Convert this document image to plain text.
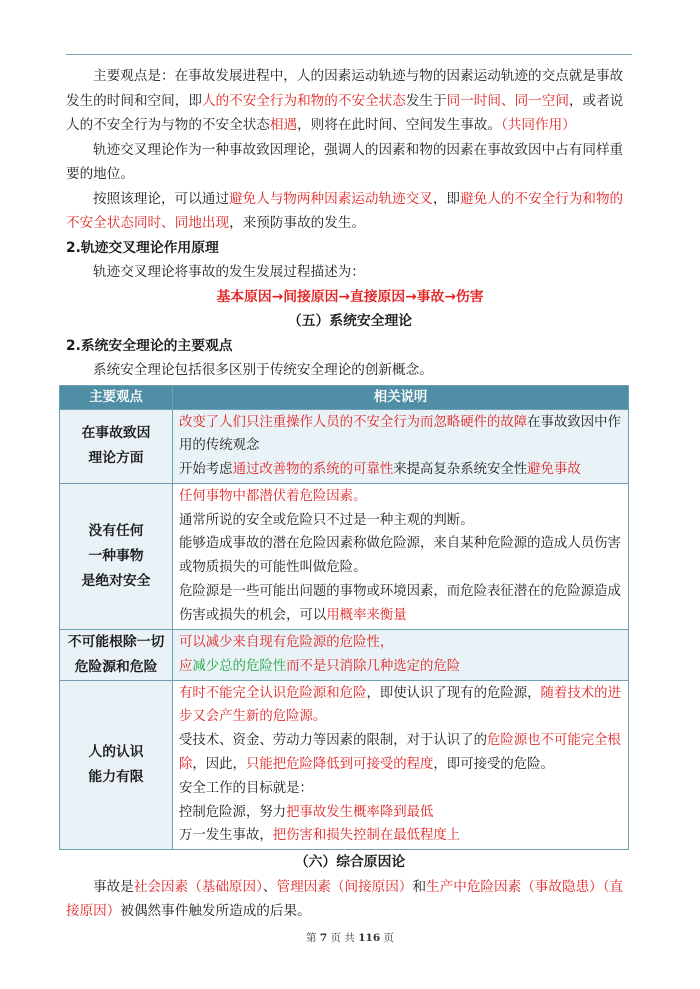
主要观点是：在事故发展进程中，人的因素运动轨迹与物的因素运动轨迹的交点就是事故发生的时间和空间，即人的不安全行为和物的不安全状态发生于同一时间、同一空间，或者说人的不安全行为与物的不安全状态相遇，则将在此时间、空间发生事故。（共同作用）

轨迹交叉理论作为一种事故致因理论，强调人的因素和物的因素在事故致因中占有同样重要的地位。

按照该理论，可以通过避免人与物两种因素运动轨迹交叉，即避免人的不安全行为和物的不安全状态同时、同地出现，来预防事故的发生。

2.轨迹交叉理论作用原理

轨迹交叉理论将事故的发生发展过程描述为：

基本原因→间接原因→直接原因→事故→伤害

（五）系统安全理论
2.系统安全理论的主要观点

系统安全理论包括很多区别于传统安全理论的创新概念。

主要观点	相关说明

在事故致因
理论方面	改变了人们只注重操作人员的不安全行为而忽略硬件的故障在事故致因中作用的传统观念
开始考虑通过改善物的系统的可靠性来提高复杂系统安全性避免事故

没有任何
一种事物
是绝对安全	任何事物中都潜伏着危险因素。
通常所说的安全或危险只不过是一种主观的判断。
能够造成事故的潜在危险因素称做危险源，来自某种危险源的造成人员伤害或物质损失的可能性叫做危险。
危险源是一些可能出问题的事物或环境因素，而危险表征潜在的危险源造成伤害或损失的机会，可以用概率来衡量

不可能根除一切
危险源和危险	可以减少来自现有危险源的危险性，
应减少总的危险性而不是只消除几种选定的危险

人的认识
能力有限	有时不能完全认识危险源和危险，即使认识了现有的危险源，随着技术的进步又会产生新的危险源。
受技术、资金、劳动力等因素的限制，对于认识了的危险源也不可能完全根除，因此，只能把危险降低到可接受的程度，即可接受的危险。
安全工作的目标就是：
控制危险源，努力把事故发生概率降到最低
万一发生事故，把伤害和损失控制在最低程度上
（六）综合原因论

事故是社会因素（基础原因）、管理因素（间接原因）和生产中危险因素（事故隐患）（直接原因）被偶然事件触发所造成的后果。

第 7 页 共 116 页
